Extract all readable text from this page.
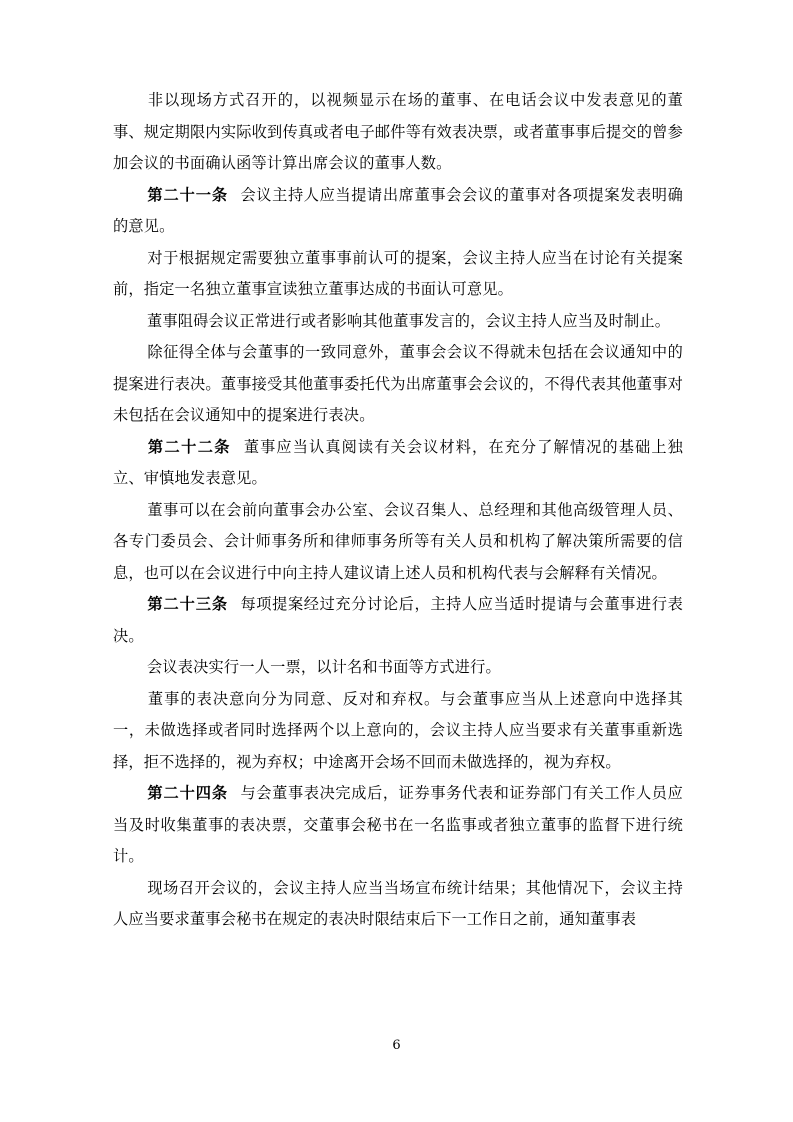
非以现场方式召开的，以视频显示在场的董事、在电话会议中发表意见的董事、规定期限内实际收到传真或者电子邮件等有效表决票，或者董事事后提交的曾参加会议的书面确认函等计算出席会议的董事人数。

第二十一条 会议主持人应当提请出席董事会会议的董事对各项提案发表明确的意见。

对于根据规定需要独立董事事前认可的提案，会议主持人应当在讨论有关提案前，指定一名独立董事宣读独立董事达成的书面认可意见。

董事阻碍会议正常进行或者影响其他董事发言的，会议主持人应当及时制止。

除征得全体与会董事的一致同意外，董事会会议不得就未包括在会议通知中的提案进行表决。董事接受其他董事委托代为出席董事会会议的，不得代表其他董事对未包括在会议通知中的提案进行表决。

第二十二条 董事应当认真阅读有关会议材料，在充分了解情况的基础上独立、审慎地发表意见。

董事可以在会前向董事会办公室、会议召集人、总经理和其他高级管理人员、各专门委员会、会计师事务所和律师事务所等有关人员和机构了解决策所需要的信息，也可以在会议进行中向主持人建议请上述人员和机构代表与会解释有关情况。

第二十三条 每项提案经过充分讨论后，主持人应当适时提请与会董事进行表决。

会议表决实行一人一票，以计名和书面等方式进行。

董事的表决意向分为同意、反对和弃权。与会董事应当从上述意向中选择其一，未做选择或者同时选择两个以上意向的，会议主持人应当要求有关董事重新选择，拒不选择的，视为弃权；中途离开会场不回而未做选择的，视为弃权。

第二十四条 与会董事表决完成后，证券事务代表和证券部门有关工作人员应当及时收集董事的表决票，交董事会秘书在一名监事或者独立董事的监督下进行统计。

现场召开会议的，会议主持人应当当场宣布统计结果；其他情况下，会议主持人应当要求董事会秘书在规定的表决时限结束后下一工作日之前，通知董事表

6
